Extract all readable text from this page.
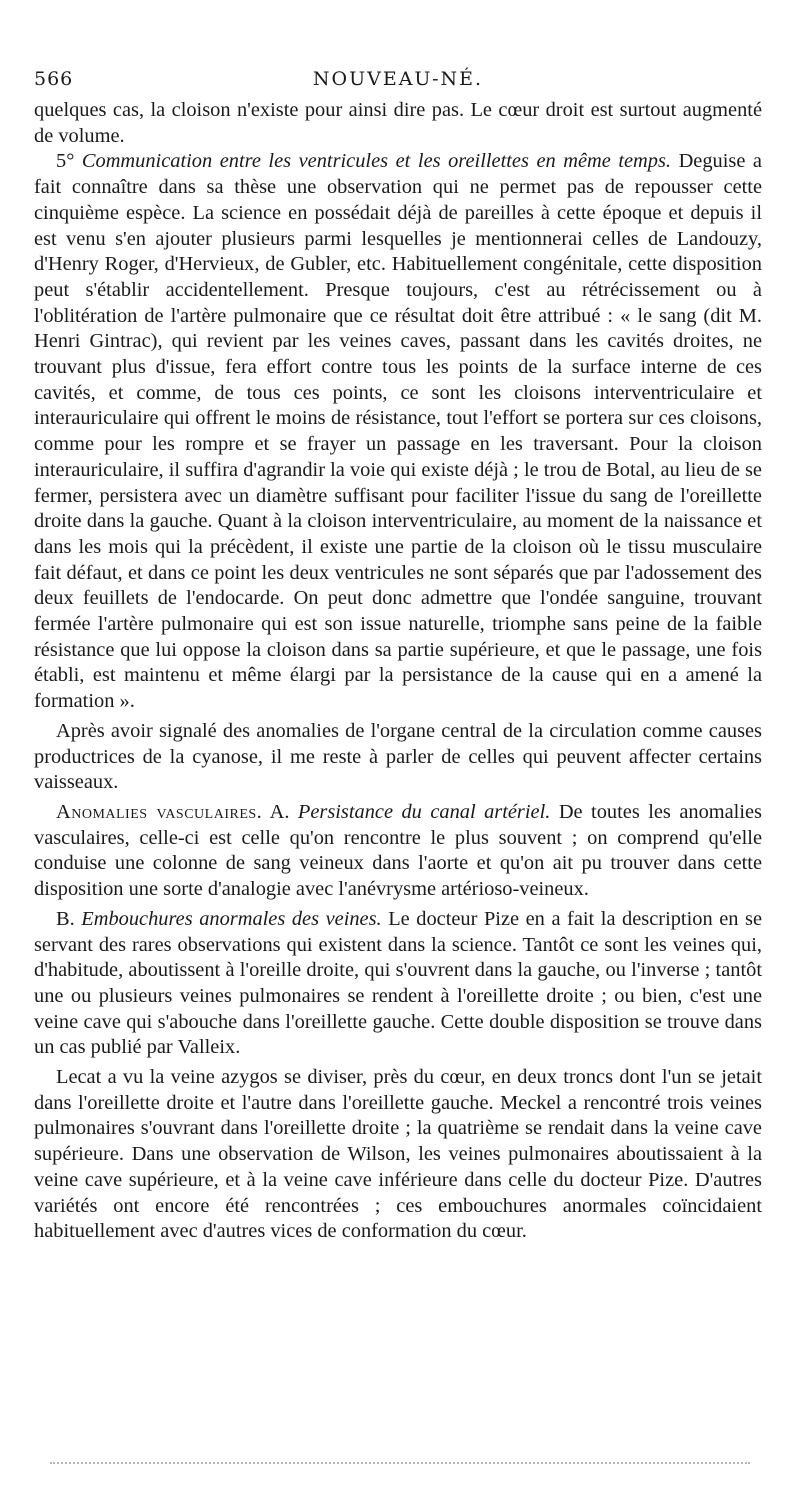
566	NOUVEAU-NÉ.

quelques cas, la cloison n'existe pour ainsi dire pas. Le cœur droit est surtout augmenté de volume.

5° Communication entre les ventricules et les oreillettes en même temps. Deguise a fait connaître dans sa thèse une observation qui ne permet pas de repousser cette cinquième espèce. La science en possédait déjà de pareilles à cette époque et depuis il est venu s'en ajouter plusieurs parmi lesquelles je mentionnerai celles de Landouzy, d'Henry Roger, d'Hervieux, de Gubler, etc. Habituellement congénitale, cette disposition peut s'établir accidentellement. Presque toujours, c'est au rétrécissement ou à l'oblitération de l'artère pulmonaire que ce résultat doit être attribué : « le sang (dit M. Henri Gintrac), qui revient par les veines caves, passant dans les cavités droites, ne trouvant plus d'issue, fera effort contre tous les points de la surface interne de ces cavités, et comme, de tous ces points, ce sont les cloisons interventriculaire et interauriculaire qui offrent le moins de résistance, tout l'effort se portera sur ces cloisons, comme pour les rompre et se frayer un passage en les traversant. Pour la cloison interauriculaire, il suffira d'agrandir la voie qui existe déjà ; le trou de Botal, au lieu de se fermer, persistera avec un diamètre suffisant pour faciliter l'issue du sang de l'oreillette droite dans la gauche. Quant à la cloison interventriculaire, au moment de la naissance et dans les mois qui la précèdent, il existe une partie de la cloison où le tissu musculaire fait défaut, et dans ce point les deux ventricules ne sont séparés que par l'adossement des deux feuillets de l'endocarde. On peut donc admettre que l'ondée sanguine, trouvant fermée l'artère pulmonaire qui est son issue naturelle, triomphe sans peine de la faible résistance que lui oppose la cloison dans sa partie supérieure, et que le passage, une fois établi, est maintenu et même élargi par la persistance de la cause qui en a amené la formation ».

Après avoir signalé des anomalies de l'organe central de la circulation comme causes productrices de la cyanose, il me reste à parler de celles qui peuvent affecter certains vaisseaux.

Anomalies vasculaires. A. Persistance du canal artériel. De toutes les anomalies vasculaires, celle-ci est celle qu'on rencontre le plus souvent ; on comprend qu'elle conduise une colonne de sang veineux dans l'aorte et qu'on ait pu trouver dans cette disposition une sorte d'analogie avec l'anévrysme artérioso-veineux.

B. Embouchures anormales des veines. Le docteur Pize en a fait la description en se servant des rares observations qui existent dans la science. Tantôt ce sont les veines qui, d'habitude, aboutissent à l'oreille droite, qui s'ouvrent dans la gauche, ou l'inverse ; tantôt une ou plusieurs veines pulmonaires se rendent à l'oreillette droite ; ou bien, c'est une veine cave qui s'abouche dans l'oreillette gauche. Cette double disposition se trouve dans un cas publié par Valleix.

Lecat a vu la veine azygos se diviser, près du cœur, en deux troncs dont l'un se jetait dans l'oreillette droite et l'autre dans l'oreillette gauche. Meckel a rencontré trois veines pulmonaires s'ouvrant dans l'oreillette droite ; la quatrième se rendait dans la veine cave supérieure. Dans une observation de Wilson, les veines pulmonaires aboutissaient à la veine cave supérieure, et à la veine cave inférieure dans celle du docteur Pize. D'autres variétés ont encore été rencontrées ; ces embouchures anormales coïncidaient habituellement avec d'autres vices de conformation du cœur.
